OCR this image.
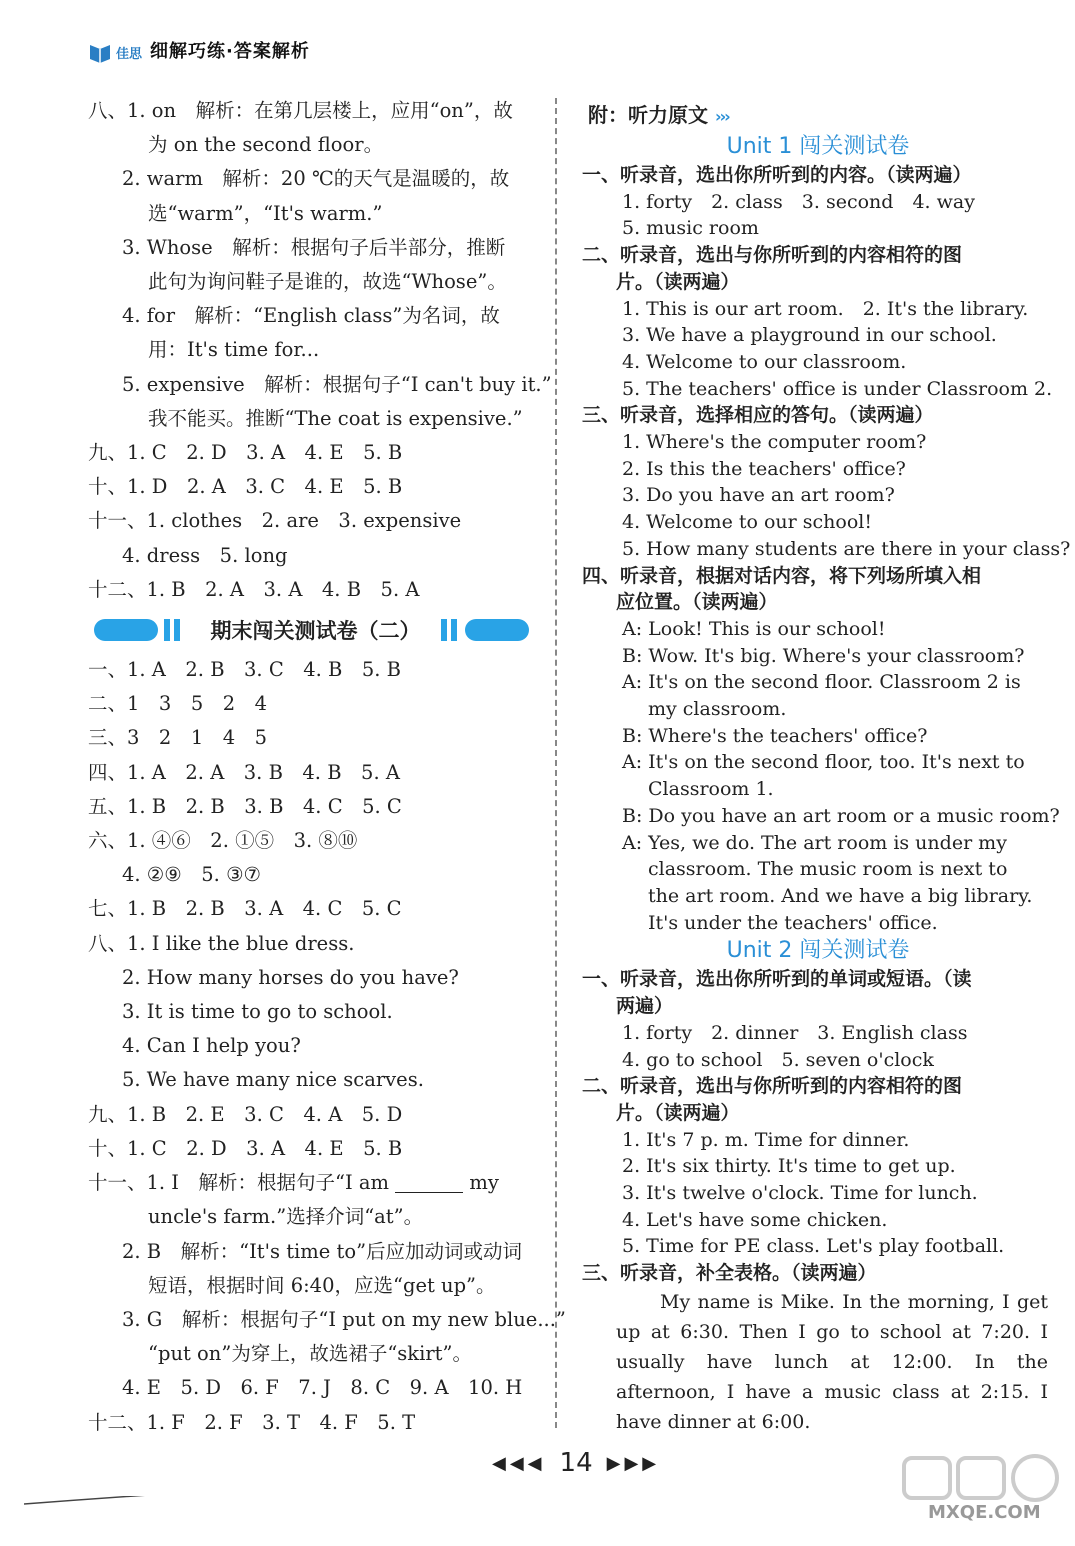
佳思 细解巧练·答案解析
八、1. on　解析：在第几层楼上，应用“on”，故
为 on the second floor。
2. warm　解析：20 ℃的天气是温暖的，故
选“warm”，“It's warm.”
3. Whose　解析：根据句子后半部分，推断
此句为询问鞋子是谁的，故选“Whose”。
4. for　解析：“English class”为名词，故
用：It's time for...
5. expensive　解析：根据句子“I can't buy it.”
我不能买。推断“The coat is expensive.”
九、1. C　2. D　3. A　4. E　5. B
十、1. D　2. A　3. C　4. E　5. B
十一、1. clothes　2. are　3. expensive
4. dress　5. long
十二、1. B　2. A　3. A　4. B　5. A
期末闯关测试卷（二）
一、1. A　2. B　3. C　4. B　5. B
二、1　3　5　2　4
三、3　2　1　4　5
四、1. A　2. A　3. B　4. B　5. A
五、1. B　2. B　3. B　4. C　5. C
六、1. ④⑥　2. ①⑤　3. ⑧⑩
4. ②⑨　5. ③⑦
七、1. B　2. B　3. A　4. C　5. C
八、1. I like the blue dress.
2. How many horses do you have?
3. It is time to go to school.
4. Can I help you?
5. We have many nice scarves.
九、1. B　2. E　3. C　4. A　5. D
十、1. C　2. D　3. A　4. E　5. B
十一、1. I　解析：根据句子“I am	my
uncle's farm.”选择介词“at”。
2. B　解析：“It's time to”后应加动词或动词
短语，根据时间 6:40，应选“get up”。
3. G　解析：根据句子“I put on my new blue...”
“put on”为穿上，故选裙子“skirt”。
4. E　5. D　6. F　7. J　8. C　9. A　10. H
十二、1. F　2. F　3. T　4. F　5. T
附：听力原文 ›››
Unit 1 闯关测试卷
一、听录音，选出你所听到的内容。（读两遍）
1. forty　2. class　3. second　4. way
5. music room
二、听录音，选出与你所听到的内容相符的图
片。（读两遍）
1. This is our art room.　2. It's the library.
3. We have a playground in our school.
4. Welcome to our classroom.
5. The teachers' office is under Classroom 2.
三、听录音，选择相应的答句。（读两遍）
1. Where's the computer room?
2. Is this the teachers' office?
3. Do you have an art room?
4. Welcome to our school!
5. How many students are there in your class?
四、听录音，根据对话内容，将下列场所填入相
应位置。（读两遍）
A: Look! This is our school!
B: Wow. It's big. Where's your classroom?
A: It's on the second floor. Classroom 2 is
my classroom.
B: Where's the teachers' office?
A: It's on the second floor, too. It's next to
Classroom 1.
B: Do you have an art room or a music room?
A: Yes, we do. The art room is under my
classroom. The music room is next to
the art room. And we have a big library.
It's under the teachers' office.
Unit 2 闯关测试卷
一、听录音，选出你所听到的单词或短语。（读
两遍）
1. forty　2. dinner　3. English class
4. go to school　5. seven o'clock
二、听录音，选出与你所听到的内容相符的图
片。（读两遍）
1. It's 7 p. m. Time for dinner.
2. It's six thirty. It's time to get up.
3. It's twelve o'clock. Time for lunch.
4. Let's have some chicken.
5. Time for PE class. Let's play football.
三、听录音，补全表格。（读两遍）
My name is Mike. In the morning, I get up at 6:30. Then I go to school at 7:20. I usually have lunch at 12:00. In the afternoon, I have a music class at 2:15. I have dinner at 6:00.
◀◀◀ 14 ▶▶▶
MXQE.COM
